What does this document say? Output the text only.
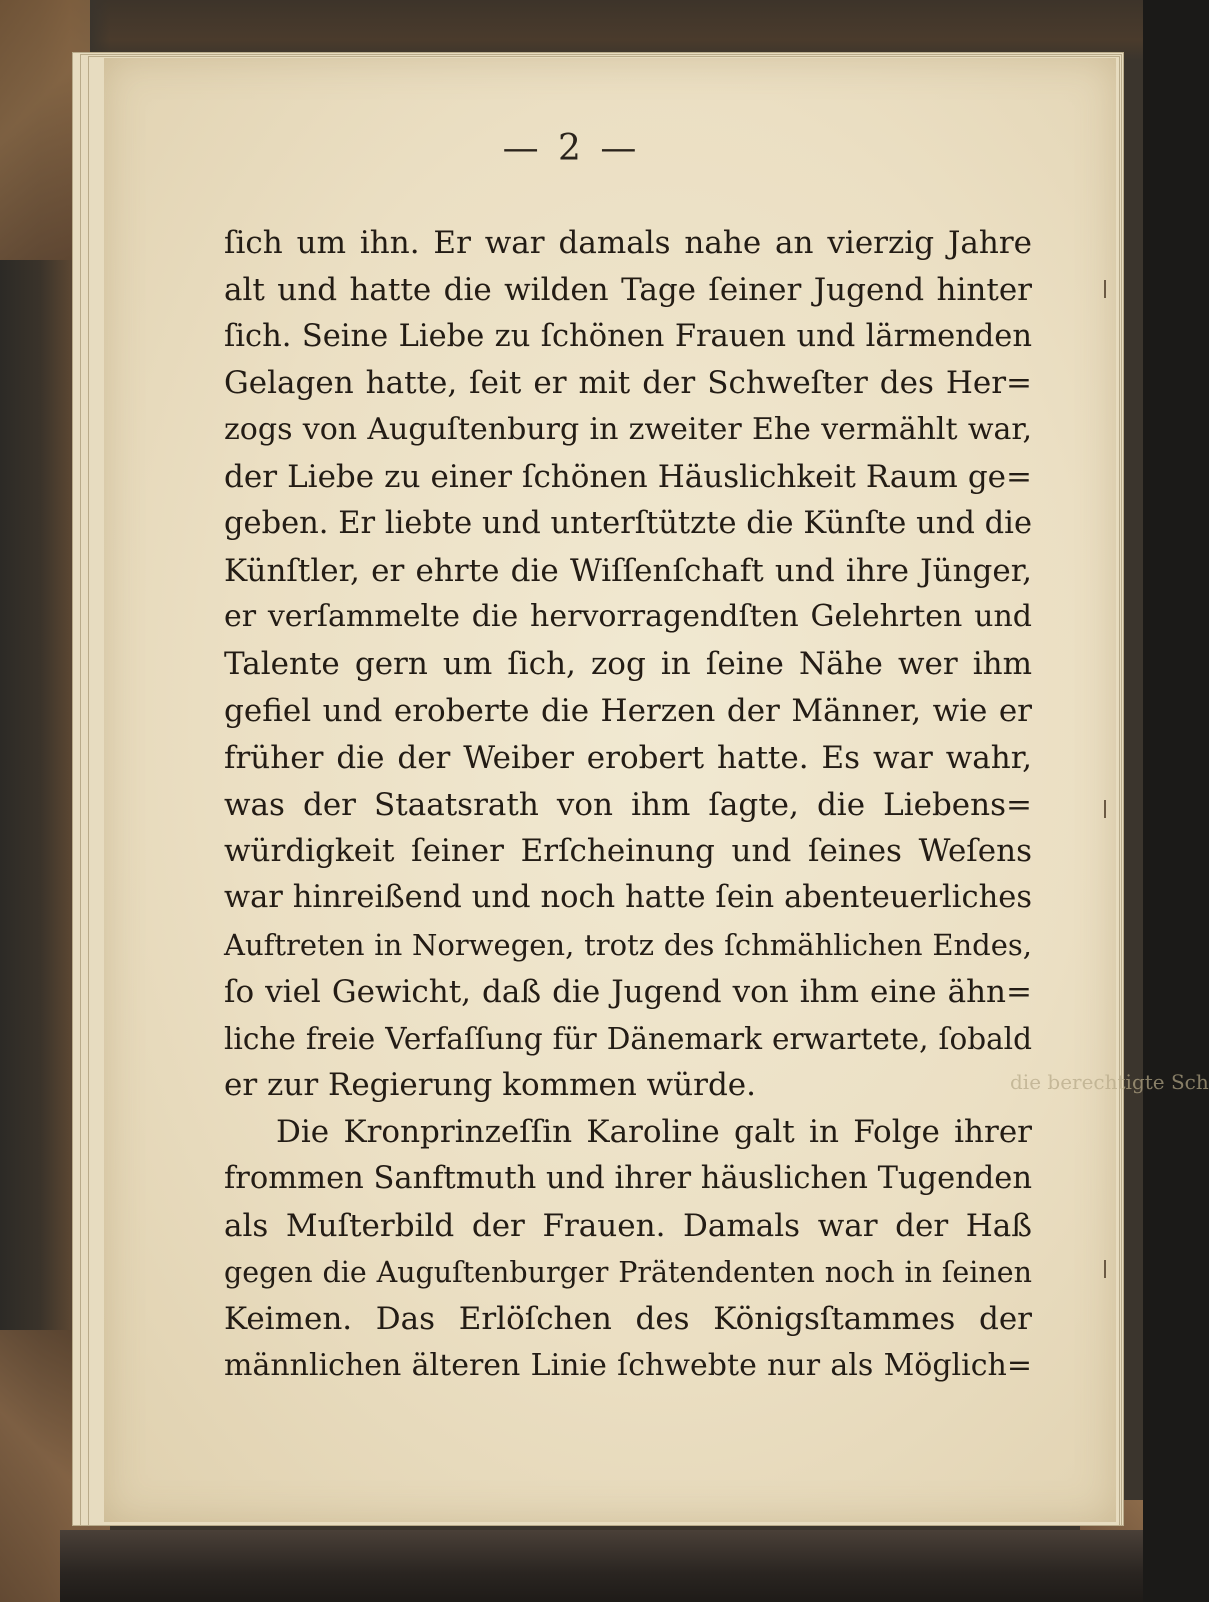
die berechtigte Sch
— 2 —
ſich um ihn. Er war damals nahe an vierzig Jahre
alt und hatte die wilden Tage ſeiner Jugend hinter
ſich. Seine Liebe zu ſchönen Frauen und lärmenden
Gelagen hatte, ſeit er mit der Schweſter des Her=
zogs von Auguſtenburg in zweiter Ehe vermählt war,
der Liebe zu einer ſchönen Häuslichkeit Raum ge=
geben. Er liebte und unterſtützte die Künſte und die
Künſtler, er ehrte die Wiſſenſchaft und ihre Jünger,
er verſammelte die hervorragendſten Gelehrten und
Talente gern um ſich, zog in ſeine Nähe wer ihm
gefiel und eroberte die Herzen der Männer, wie er
früher die der Weiber erobert hatte. Es war wahr,
was der Staatsrath von ihm ſagte, die Liebens=
würdigkeit ſeiner Erſcheinung und ſeines Weſens
war hinreißend und noch hatte ſein abenteuerliches
Auftreten in Norwegen, trotz des ſchmählichen Endes,
ſo viel Gewicht, daß die Jugend von ihm eine ähn=
liche freie Verfaſſung für Dänemark erwartete, ſobald
er zur Regierung kommen würde.
Die Kronprinzeſſin Karoline galt in Folge ihrer
frommen Sanftmuth und ihrer häuslichen Tugenden
als Muſterbild der Frauen. Damals war der Haß
gegen die Auguſtenburger Prätendenten noch in ſeinen
Keimen. Das Erlöſchen des Königsſtammes der
männlichen älteren Linie ſchwebte nur als Möglich=
